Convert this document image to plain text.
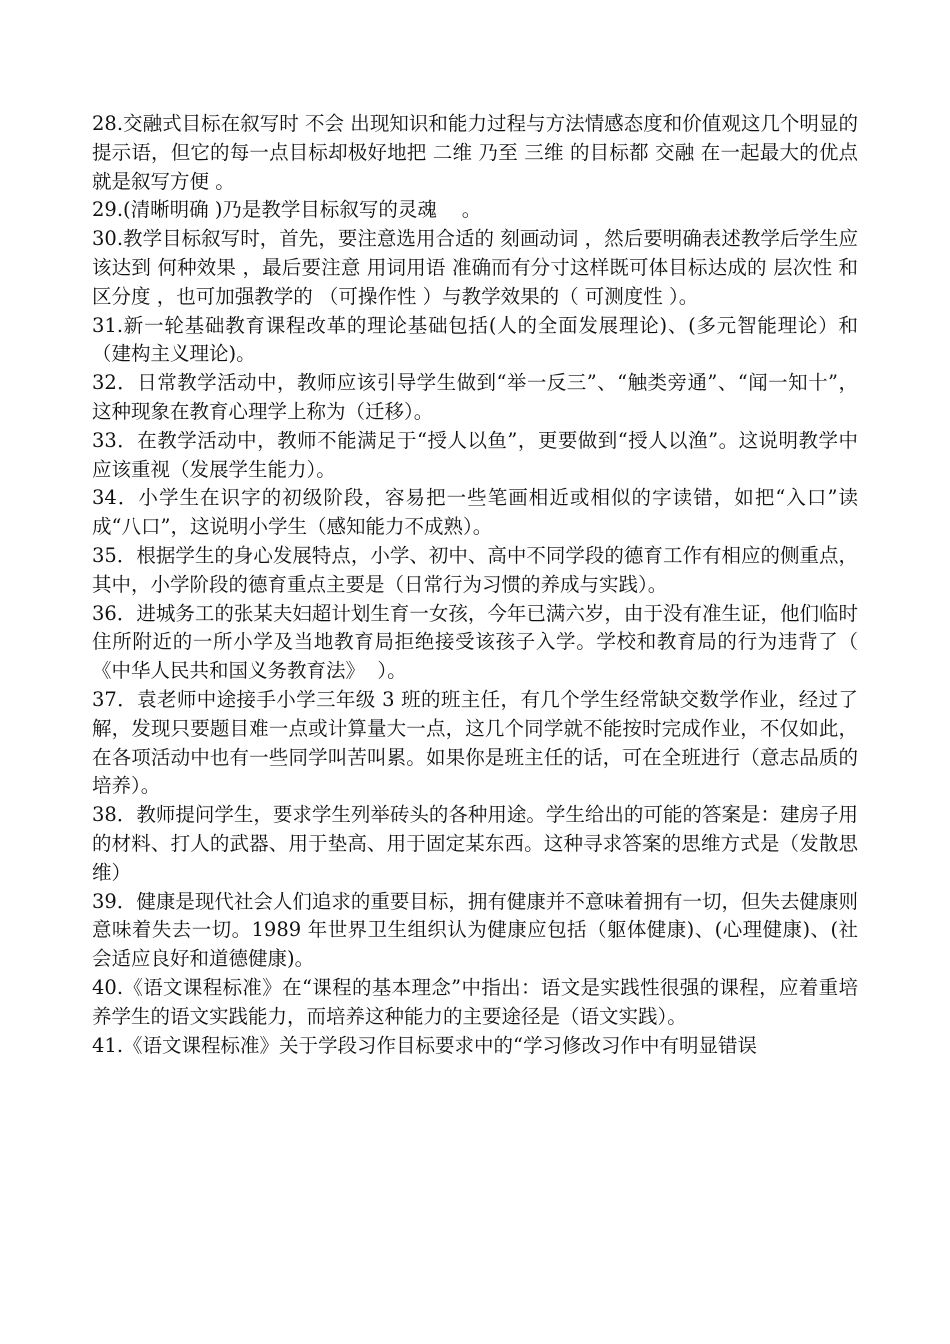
28.交融式目标在叙写时 不会 出现知识和能力过程与方法情感态度和价值观这几个明显的提示语，但它的每一点目标却极好地把 二维 乃至 三维 的目标都 交融 在一起最大的优点就是叙写方便 。

29.(清晰明确 )乃是教学目标叙写的灵魂    。

30.教学目标叙写时，首先，要注意选用合适的 刻画动词 ，然后要明确表述教学后学生应该达到 何种效果 ，最后要注意 用词用语 准确而有分寸这样既可体目标达成的 层次性 和 区分度 ，也可加强教学的 （可操作性 ）与教学效果的（ 可测度性 ）。

31.新一轮基础教育课程改革的理论基础包括(人的全面发展理论)、(多元智能理论）和（建构主义理论)。

32．日常教学活动中，教师应该引导学生做到“举一反三”、“触类旁通”、“闻一知十”，这种现象在教育心理学上称为（迁移）。

33．在教学活动中，教师不能满足于“授人以鱼”，更要做到“授人以渔”。这说明教学中应该重视（发展学生能力）。

34．小学生在识字的初级阶段，容易把一些笔画相近或相似的字读错，如把“入口”读成“八口”，这说明小学生（感知能力不成熟）。

35．根据学生的身心发展特点，小学、初中、高中不同学段的德育工作有相应的侧重点，其中，小学阶段的德育重点主要是（日常行为习惯的养成与实践）。

36．进城务工的张某夫妇超计划生育一女孩，今年已满六岁，由于没有准生证，他们临时住所附近的一所小学及当地教育局拒绝接受该孩子入学。学校和教育局的行为违背了（  《中华人民共和国义务教育法》  ）。

37．袁老师中途接手小学三年级 3 班的班主任，有几个学生经常缺交数学作业，经过了解，发现只要题目难一点或计算量大一点，这几个同学就不能按时完成作业，不仅如此，在各项活动中也有一些同学叫苦叫累。如果你是班主任的话，可在全班进行（意志品质的培养）。

38．教师提问学生，要求学生列举砖头的各种用途。学生给出的可能的答案是：建房子用的材料、打人的武器、用于垫高、用于固定某东西。这种寻求答案的思维方式是（发散思维）

39．健康是现代社会人们追求的重要目标，拥有健康并不意味着拥有一切，但失去健康则意味着失去一切。1989 年世界卫生组织认为健康应包括（躯体健康)、(心理健康)、(社会适应良好和道德健康)。

40.《语文课程标准》在“课程的基本理念”中指出：语文是实践性很强的课程，应着重培养学生的语文实践能力，而培养这种能力的主要途径是（语文实践）。

41.《语文课程标准》关于学段习作目标要求中的“学习修改习作中有明显错误
